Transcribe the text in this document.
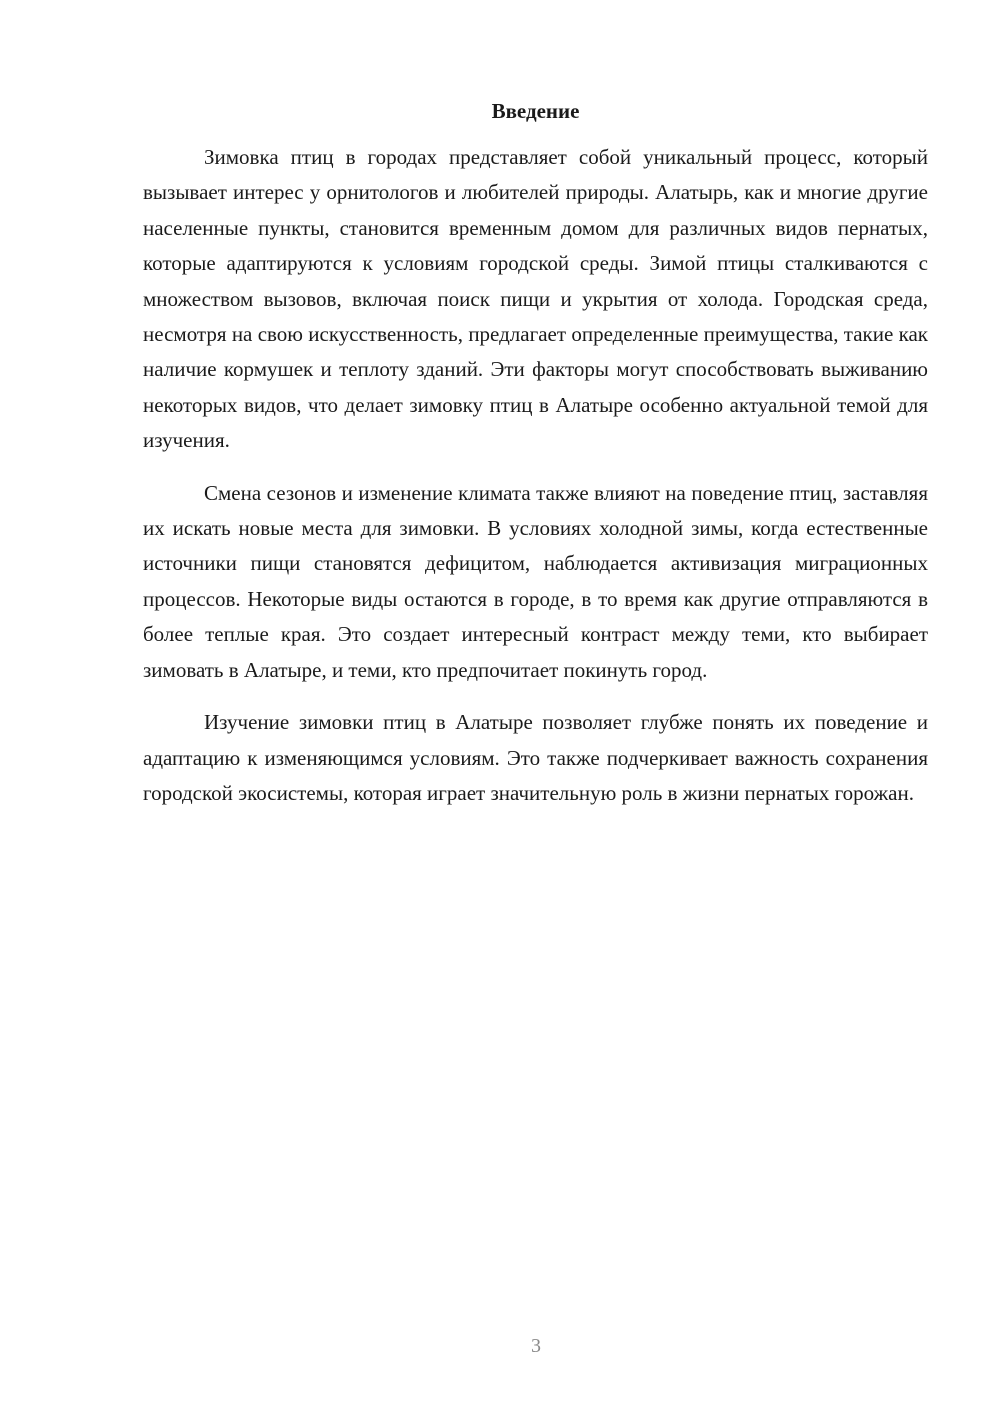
Введение

Зимовка птиц в городах представляет собой уникальный процесс, который вызывает интерес у орнитологов и любителей природы. Алатырь, как и многие другие населенные пункты, становится временным домом для различных видов пернатых, которые адаптируются к условиям городской среды. Зимой птицы сталкиваются с множеством вызовов, включая поиск пищи и укрытия от холода. Городская среда, несмотря на свою искусственность, предлагает определенные преимущества, такие как наличие кормушек и теплоту зданий. Эти факторы могут способствовать выживанию некоторых видов, что делает зимовку птиц в Алатыре особенно актуальной темой для изучения.

Смена сезонов и изменение климата также влияют на поведение птиц, заставляя их искать новые места для зимовки. В условиях холодной зимы, когда естественные источники пищи становятся дефицитом, наблюдается активизация миграционных процессов. Некоторые виды остаются в городе, в то время как другие отправляются в более теплые края. Это создает интересный контраст между теми, кто выбирает зимовать в Алатыре, и теми, кто предпочитает покинуть город.

Изучение зимовки птиц в Алатыре позволяет глубже понять их поведение и адаптацию к изменяющимся условиям. Это также подчеркивает важность сохранения городской экосистемы, которая играет значительную роль в жизни пернатых горожан.

3
